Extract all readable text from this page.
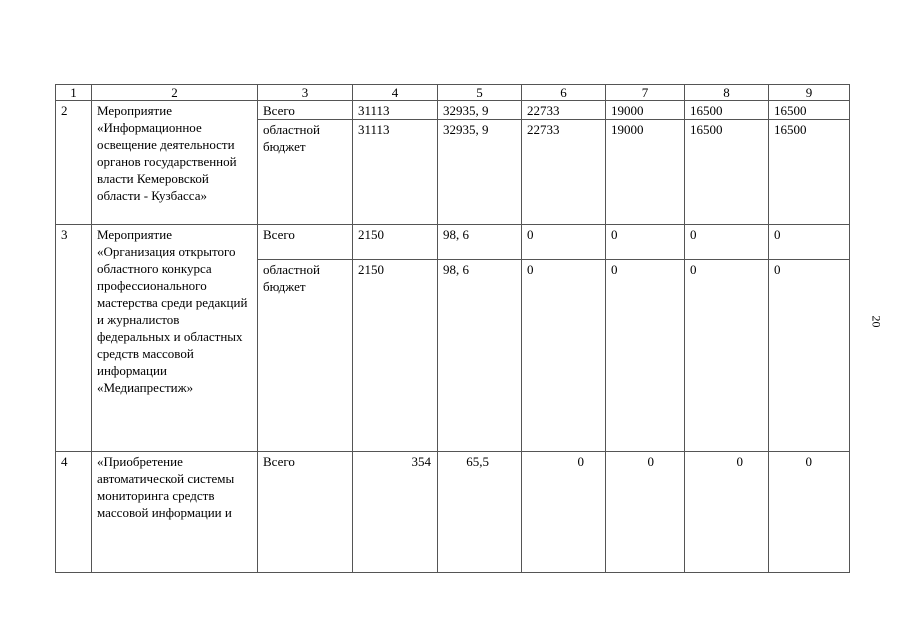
1	2	3	4	5	6	7	8	9
2	Мероприятие «Информационное освещение деятельности органов государственной власти Кемеровской области - Кузбасса»	Всего	31113	32935, 9	22733	19000	16500	16500
		областной бюджет	31113	32935, 9	22733	19000	16500	16500
3	Мероприятие «Организация открытого областного конкурса профессионального мастерства среди редакций и журналистов федеральных и областных средств массовой информации «Медиапрестиж»	Всего	2150	98, 6	0	0	0	0
		областной бюджет	2150	98, 6	0	0	0	0
4	«Приобретение автоматической системы мониторинга средств массовой информации и	Всего	354	65,5	0	0	0	0
20
